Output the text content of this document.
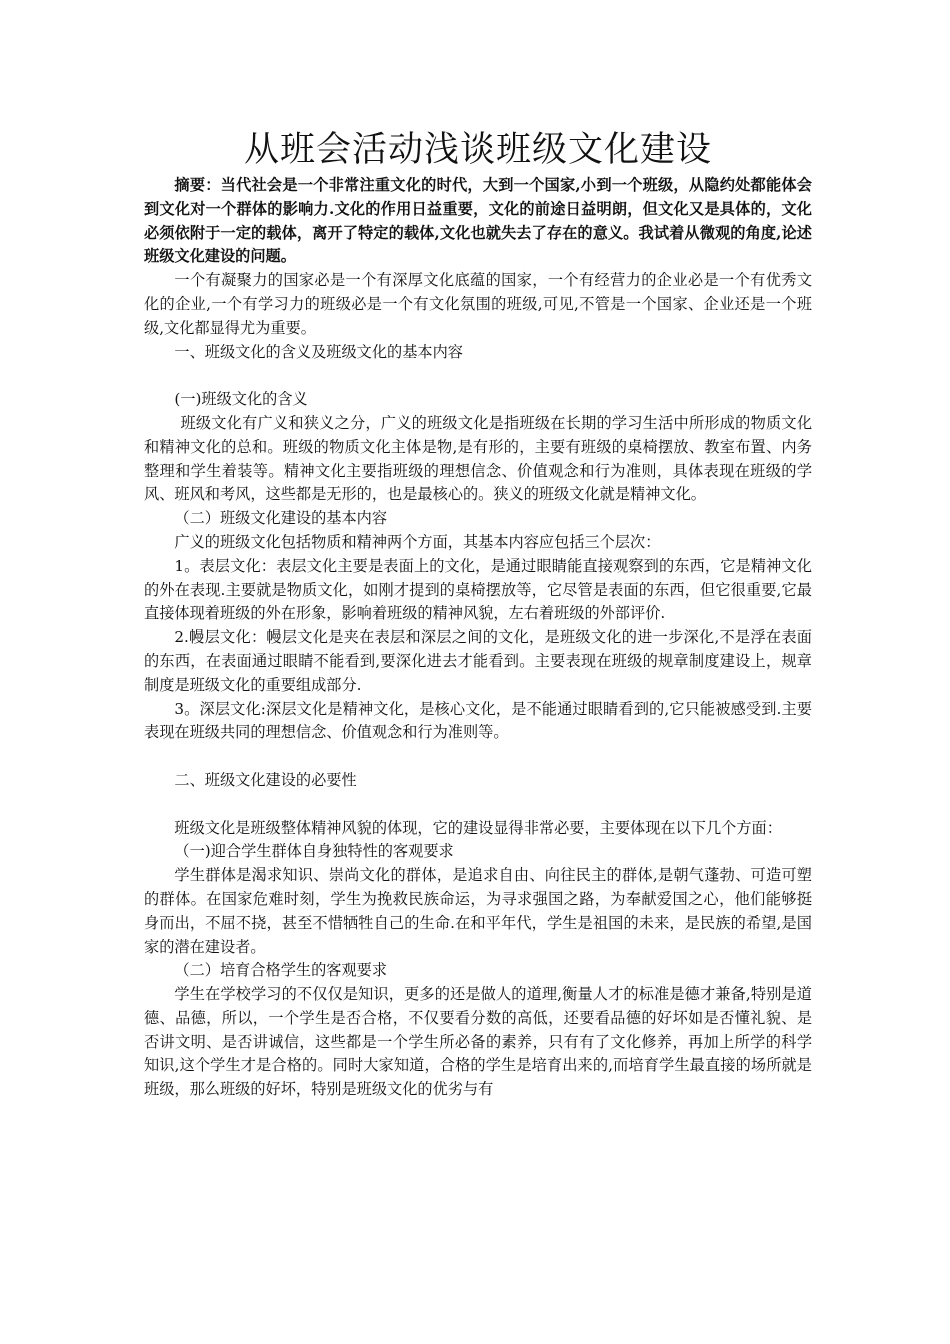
从班会活动浅谈班级文化建设

摘要：当代社会是一个非常注重文化的时代，大到一个国家,小到一个班级，从隐约处都能体会到文化对一个群体的影响力.文化的作用日益重要，文化的前途日益明朗，但文化又是具体的，文化必须依附于一定的载体，离开了特定的载体,文化也就失去了存在的意义。我试着从微观的角度,论述班级文化建设的问题。

一个有凝聚力的国家必是一个有深厚文化底蕴的国家，一个有经营力的企业必是一个有优秀文化的企业,一个有学习力的班级必是一个有文化氛围的班级,可见,不管是一个国家、企业还是一个班级,文化都显得尤为重要。

一、班级文化的含义及班级文化的基本内容

(一)班级文化的含义

班级文化有广义和狭义之分，广义的班级文化是指班级在长期的学习生活中所形成的物质文化和精神文化的总和。班级的物质文化主体是物,是有形的，主要有班级的桌椅摆放、教室布置、内务整理和学生着装等。精神文化主要指班级的理想信念、价值观念和行为准则，具体表现在班级的学风、班风和考风，这些都是无形的，也是最核心的。狭义的班级文化就是精神文化。

（二）班级文化建设的基本内容

广义的班级文化包括物质和精神两个方面，其基本内容应包括三个层次：

1。表层文化：表层文化主要是表面上的文化，是通过眼睛能直接观察到的东西，它是精神文化的外在表现.主要就是物质文化，如刚才提到的桌椅摆放等，它尽管是表面的东西，但它很重要,它最直接体现着班级的外在形象，影响着班级的精神风貌，左右着班级的外部评价.

2.幔层文化：幔层文化是夹在表层和深层之间的文化，是班级文化的进一步深化,不是浮在表面的东西，在表面通过眼睛不能看到,要深化进去才能看到。主要表现在班级的规章制度建设上，规章制度是班级文化的重要组成部分.

3。深层文化:深层文化是精神文化，是核心文化，是不能通过眼睛看到的,它只能被感受到.主要表现在班级共同的理想信念、价值观念和行为准则等。

二、班级文化建设的必要性

班级文化是班级整体精神风貌的体现，它的建设显得非常必要，主要体现在以下几个方面：

（一)迎合学生群体自身独特性的客观要求

学生群体是渴求知识、崇尚文化的群体，是追求自由、向往民主的群体,是朝气蓬勃、可造可塑的群体。在国家危难时刻，学生为挽救民族命运，为寻求强国之路，为奉献爱国之心，他们能够挺身而出，不屈不挠，甚至不惜牺牲自己的生命.在和平年代，学生是祖国的未来，是民族的希望,是国家的潜在建设者。

（二）培育合格学生的客观要求

学生在学校学习的不仅仅是知识，更多的还是做人的道理,衡量人才的标准是德才兼备,特别是道德、品德，所以，一个学生是否合格，不仅要看分数的高低，还要看品德的好坏如是否懂礼貌、是否讲文明、是否讲诚信，这些都是一个学生所必备的素养，只有有了文化修养，再加上所学的科学知识,这个学生才是合格的。同时大家知道，合格的学生是培育出来的,而培育学生最直接的场所就是班级，那么班级的好坏，特别是班级文化的优劣与有
